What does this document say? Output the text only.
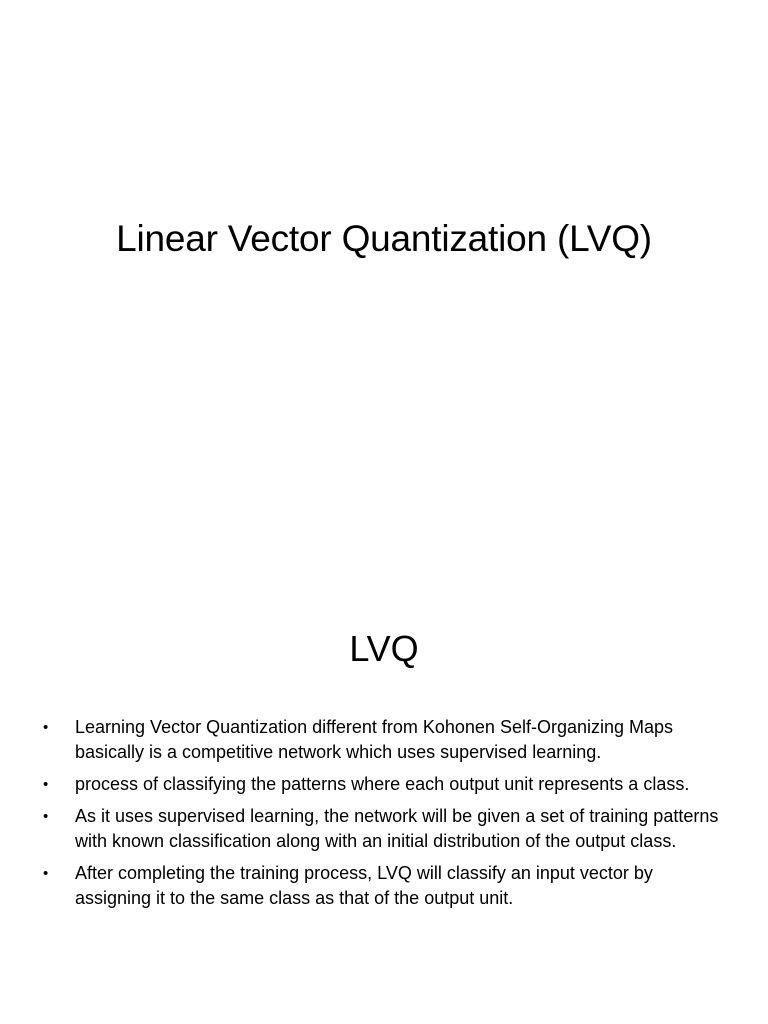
Linear Vector Quantization (LVQ)
LVQ
• Learning Vector Quantization different from Kohonen Self-Organizing Maps basically is a competitive network which uses supervised learning.
• process of classifying the patterns where each output unit represents a class.
• As it uses supervised learning, the network will be given a set of training patterns with known classification along with an initial distribution of the output class.
• After completing the training process, LVQ will classify an input vector by assigning it to the same class as that of the output unit.
